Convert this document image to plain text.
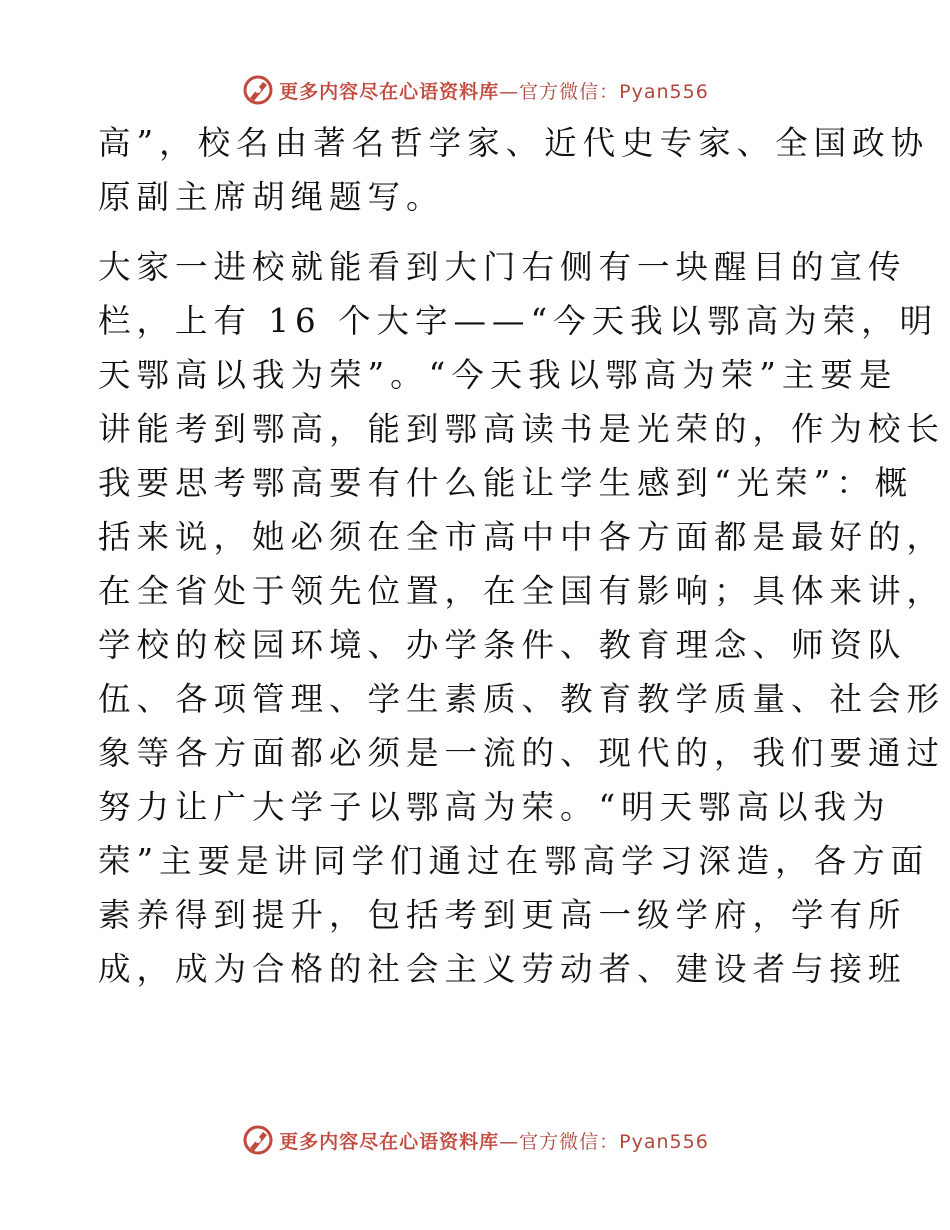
更多内容尽在心语资料库—官方微信：Pyan556
高”，校名由著名哲学家、近代史专家、全国政协
原副主席胡绳题写。
大家一进校就能看到大门右侧有一块醒目的宣传
栏，上有 16 个大字——“今天我以鄂高为荣，明
天鄂高以我为荣”。“今天我以鄂高为荣”主要是
讲能考到鄂高，能到鄂高读书是光荣的，作为校长
我要思考鄂高要有什么能让学生感到“光荣”：概
括来说，她必须在全市高中中各方面都是最好的，
在全省处于领先位置，在全国有影响；具体来讲，
学校的校园环境、办学条件、教育理念、师资队
伍、各项管理、学生素质、教育教学质量、社会形
象等各方面都必须是一流的、现代的，我们要通过
努力让广大学子以鄂高为荣。“明天鄂高以我为
荣”主要是讲同学们通过在鄂高学习深造，各方面
素养得到提升，包括考到更高一级学府，学有所
成，成为合格的社会主义劳动者、建设者与接班
更多内容尽在心语资料库—官方微信：Pyan556
